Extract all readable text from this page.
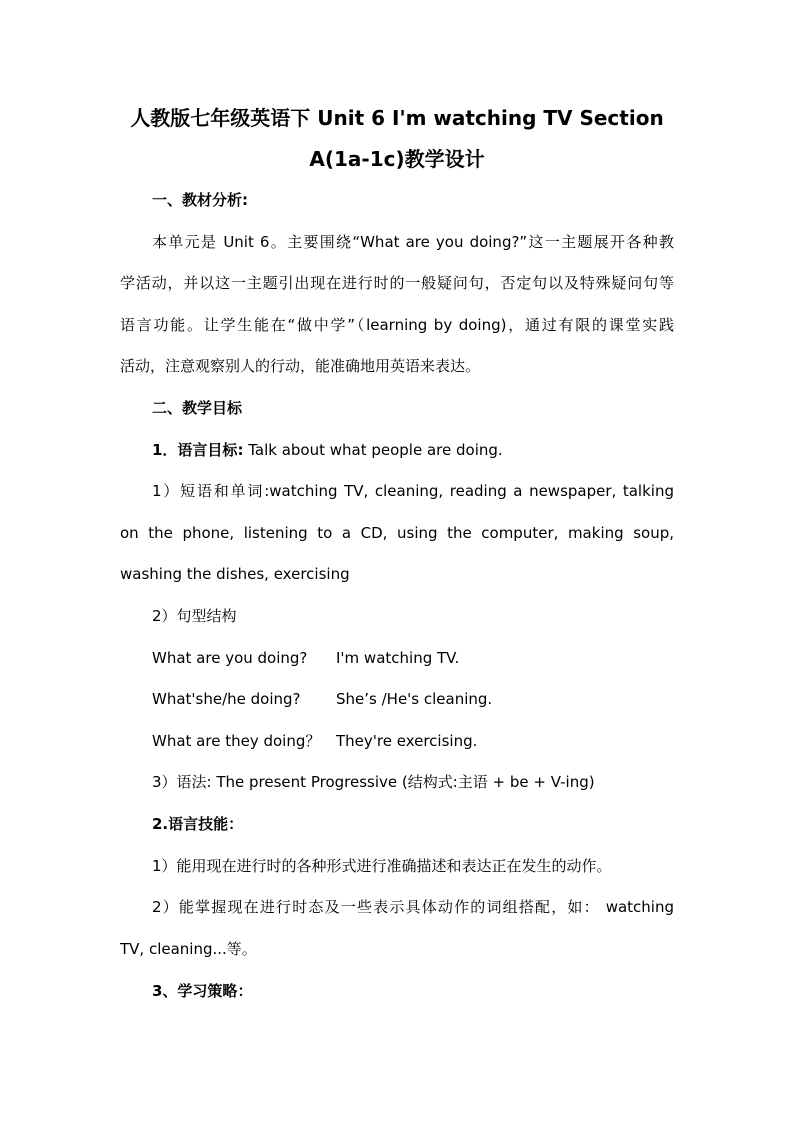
人教版七年级英语下 Unit 6 I'm watching TV Section
A(1a-1c)教学设计
一、教材分析:
本单元是 Unit 6。主要围绕“What are you doing?”这一主题展开各种教
学活动，并以这一主题引出现在进行时的一般疑问句，否定句以及特殊疑问句等
语言功能。让学生能在“做中学”（learning by doing)，通过有限的课堂实践
活动，注意观察别人的行动，能准确地用英语来表达。
二、教学目标
1．语言目标: Talk about what people are doing.
1）短语和单词:watching TV, cleaning, reading a newspaper, talking
on the phone, listening to a CD, using the computer, making soup,
washing the dishes, exercising
2）句型结构
What are you doing? I'm watching TV.
What'she/he doing? She’s /He's cleaning.
What are they doing？ They're exercising.
3）语法: The present Progressive (结构式:主语 + be + V-ing)
2.语言技能：
1）能用现在进行时的各种形式进行准确描述和表达正在发生的动作。
2）能掌握现在进行时态及一些表示具体动作的词组搭配，如： watching
TV, cleaning...等。
3、学习策略：
